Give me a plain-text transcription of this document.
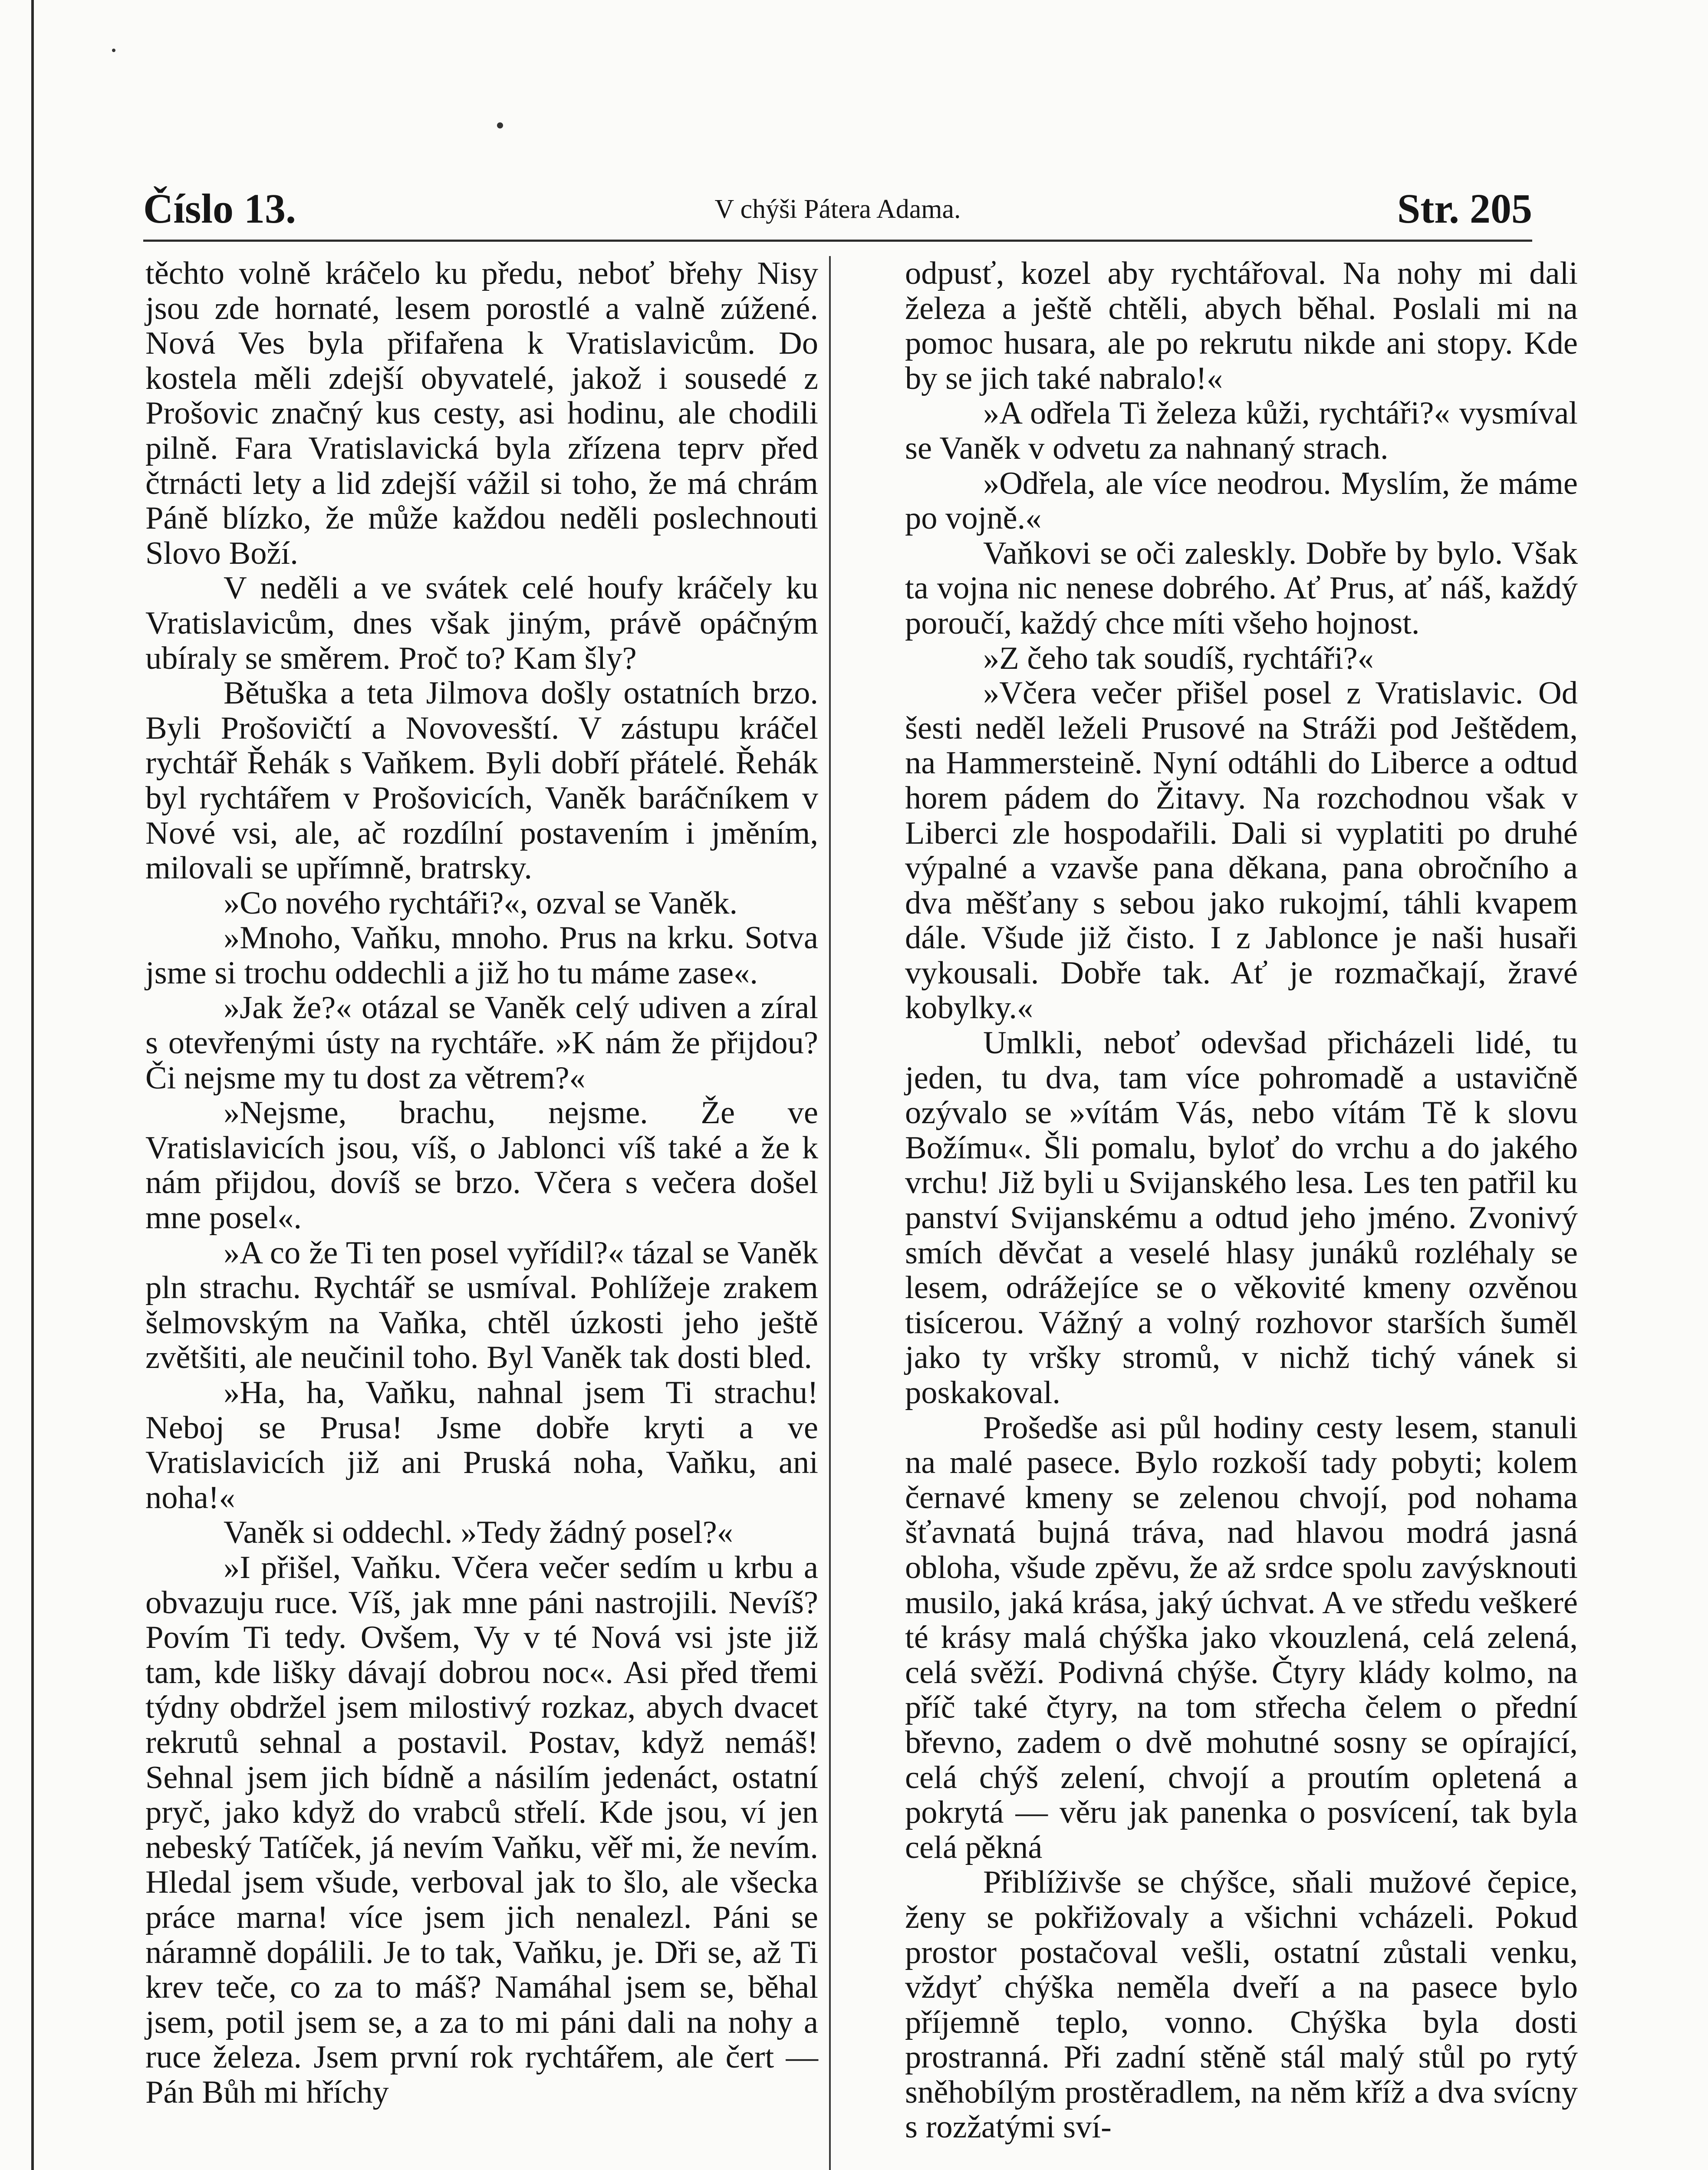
Číslo 13.	V chýši Pátera Adama.	Str. 205

těchto volně kráčelo ku předu, neboť břehy Nisy jsou zde hornaté, lesem porostlé a valně zúžené. Nová Ves byla přifařena k Vratislavicům. Do kostela měli zdejší obyvatelé, jakož i sousedé z Prošovic značný kus cesty, asi hodinu, ale chodili pilně. Fara Vratislavická byla zřízena teprv před čtrnácti lety a lid zdejší vážil si toho, že má chrám Páně blízko, že může každou neděli poslechnouti Slovo Boží.

V neděli a ve svátek celé houfy kráčely ku Vratislavicům, dnes však jiným, právě opáčným ubíraly se směrem. Proč to? Kam šly?

Bětuška a teta Jilmova došly ostatních brzo. Byli Prošovičtí a Novovesští. V zástupu kráčel rychtář Řehák s Vaňkem. Byli dobří přátelé. Řehák byl rychtářem v Prošovicích, Vaněk baráčníkem v Nové vsi, ale, ač rozdílní postavením i jměním, milovali se upřímně, bratrsky.

»Co nového rychtáři?«, ozval se Vaněk.

»Mnoho, Vaňku, mnoho. Prus na krku. Sotva jsme si trochu oddechli a již ho tu máme zase«.

»Jak že?« otázal se Vaněk celý udiven a zíral s otevřenými ústy na rychtáře. »K nám že přijdou? Či nejsme my tu dost za větrem?«

»Nejsme, brachu, nejsme. Že ve Vratislavicích jsou, víš, o Jablonci víš také a že k nám přijdou, dovíš se brzo. Včera s večera došel mne posel«.

»A co že Ti ten posel vyřídil?« tázal se Vaněk pln strachu. Rychtář se usmíval. Pohlížeje zrakem šelmovským na Vaňka, chtěl úzkosti jeho ještě zvětšiti, ale neučinil toho. Byl Vaněk tak dosti bled.

»Ha, ha, Vaňku, nahnal jsem Ti strachu! Neboj se Prusa! Jsme dobře kryti a ve Vratislavicích již ani Pruská noha, Vaňku, ani noha!«

Vaněk si oddechl. »Tedy žádný posel?«

»I přišel, Vaňku. Včera večer sedím u krbu a obvazuju ruce. Víš, jak mne páni nastrojili. Nevíš? Povím Ti tedy. Ovšem, Vy v té Nová vsi jste již tam, kde lišky dávají dobrou noc«. Asi před třemi týdny obdržel jsem milostivý rozkaz, abych dvacet rekrutů sehnal a postavil. Postav, když nemáš! Sehnal jsem jich bídně a násilím jedenáct, ostatní pryč, jako když do vrabců střelí. Kde jsou, ví jen nebeský Tatíček, já nevím Vaňku, věř mi, že nevím. Hledal jsem všude, verboval jak to šlo, ale všecka práce marna! více jsem jich nenalezl. Páni se náramně dopálili. Je to tak, Vaňku, je. Dři se, až Ti krev teče, co za to máš? Namáhal jsem se, běhal jsem, potil jsem se, a za to mi páni dali na nohy a ruce železa. Jsem první rok rychtářem, ale čert — Pán Bůh mi hříchy

odpusť, kozel aby rychtářoval. Na nohy mi dali železa a ještě chtěli, abych běhal. Poslali mi na pomoc husara, ale po rekrutu nikde ani stopy. Kde by se jich také nabralo!«

»A odřela Ti železa kůži, rychtáři?« vysmíval se Vaněk v odvetu za nahnaný strach.

»Odřela, ale více neodrou. Myslím, že máme po vojně.«

Vaňkovi se oči zaleskly. Dobře by bylo. Však ta vojna nic nenese dobrého. Ať Prus, ať náš, každý poroučí, každý chce míti všeho hojnost.

»Z čeho tak soudíš, rychtáři?«

»Včera večer přišel posel z Vratislavic. Od šesti neděl leželi Prusové na Stráži pod Ještědem, na Hammersteině. Nyní odtáhli do Liberce a odtud horem pádem do Žitavy. Na rozchodnou však v Liberci zle hospodařili. Dali si vyplatiti po druhé výpalné a vzavše pana děkana, pana obročního a dva měšťany s sebou jako rukojmí, táhli kvapem dále. Všude již čisto. I z Jablonce je naši husaři vykousali. Dobře tak. Ať je rozmačkají, žravé kobylky.«

Umlkli, neboť odevšad přicházeli lidé, tu jeden, tu dva, tam více pohromadě a ustavičně ozývalo se »vítám Vás, nebo vítám Tě k slovu Božímu«. Šli pomalu, byloť do vrchu a do jakého vrchu! Již byli u Svijanského lesa. Les ten patřil ku panství Svijanskému a odtud jeho jméno. Zvonivý smích děvčat a veselé hlasy junáků rozléhaly se lesem, odrážejíce se o věkovité kmeny ozvěnou tisícerou. Vážný a volný rozhovor starších šuměl jako ty vršky stromů, v nichž tichý vánek si poskakoval.

Prošedše asi půl hodiny cesty lesem, stanuli na malé pasece. Bylo rozkoší tady pobyti; kolem černavé kmeny se zelenou chvojí, pod nohama šťavnatá bujná tráva, nad hlavou modrá jasná obloha, všude zpěvu, že až srdce spolu zavýsknouti musilo, jaká krása, jaký úchvat. A ve středu veškeré té krásy malá chýška jako vkouzlená, celá zelená, celá svěží. Podivná chýše. Čtyry klády kolmo, na příč také čtyry, na tom střecha čelem o přední břevno, zadem o dvě mohutné sosny se opírající, celá chýš zelení, chvojí a proutím opletená a pokrytá — věru jak panenka o posvícení, tak byla celá pěkná

Přiblíživše se chýšce, sňali mužové čepice, ženy se pokřižovaly a všichni vcházeli. Pokud prostor postačoval vešli, ostatní zůstali venku, vždyť chýška neměla dveří a na pasece bylo příjemně teplo, vonno. Chýška byla dosti prostranná. Při zadní stěně stál malý stůl po rytý sněhobílým prostěradlem, na něm kříž a dva svícny s rozžatými sví-
